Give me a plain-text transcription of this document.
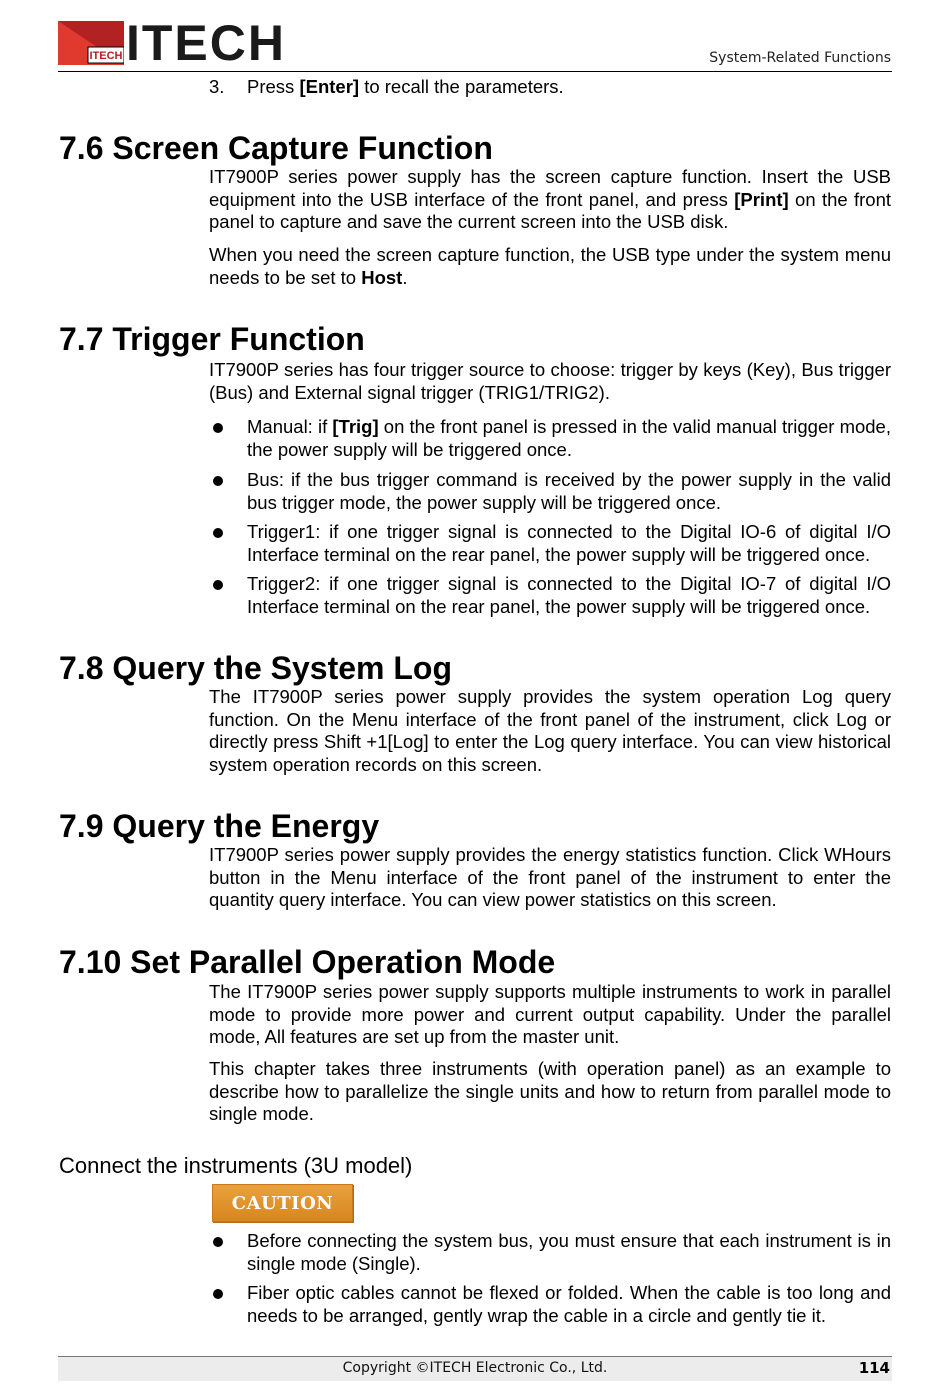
ITECH ITECH	System-Related Functions
3. Press [Enter] to recall the parameters.
7.6 Screen Capture Function
IT7900P series power supply has the screen capture function. Insert the USB equipment into the USB interface of the front panel, and press [Print] on the front panel to capture and save the current screen into the USB disk.
When you need the screen capture function, the USB type under the system menu needs to be set to Host.
7.7 Trigger Function
IT7900P series has four trigger source to choose: trigger by keys (Key), Bus trigger (Bus) and External signal trigger (TRIG1/TRIG2).
Manual: if [Trig] on the front panel is pressed in the valid manual trigger mode, the power supply will be triggered once.
Bus: if the bus trigger command is received by the power supply in the valid bus trigger mode, the power supply will be triggered once.
Trigger1: if one trigger signal is connected to the Digital IO-6 of digital I/O Interface terminal on the rear panel, the power supply will be triggered once.
Trigger2: if one trigger signal is connected to the Digital IO-7 of digital I/O Interface terminal on the rear panel, the power supply will be triggered once.
7.8 Query the System Log
The IT7900P series power supply provides the system operation Log query function. On the Menu interface of the front panel of the instrument, click Log or directly press Shift +1[Log] to enter the Log query interface. You can view historical system operation records on this screen.
7.9 Query the Energy
IT7900P series power supply provides the energy statistics function. Click WHours button in the Menu interface of the front panel of the instrument to enter the quantity query interface. You can view power statistics on this screen.
7.10 Set Parallel Operation Mode
The IT7900P series power supply supports multiple instruments to work in parallel mode to provide more power and current output capability. Under the parallel mode, All features are set up from the master unit.
This chapter takes three instruments (with operation panel) as an example to describe how to parallelize the single units and how to return from parallel mode to single mode.
Connect the instruments (3U model)
CAUTION
Before connecting the system bus, you must ensure that each instrument is in single mode (Single).
Fiber optic cables cannot be flexed or folded. When the cable is too long and needs to be arranged, gently wrap the cable in a circle and gently tie it.
Copyright ©ITECH Electronic Co., Ltd.	114
